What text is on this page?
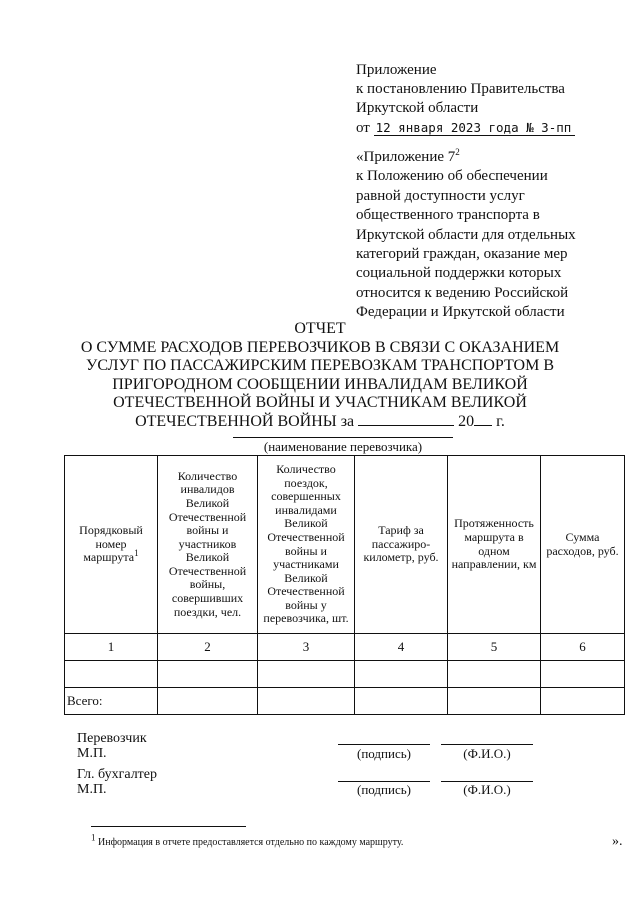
Приложение
к постановлению Правительства
Иркутской области
от 12 января 2023 года № 3-пп
«Приложение $7^2$
к Положению об обеспечении
равной доступности услуг
общественного транспорта в
Иркутской области для отдельных
категорий граждан, оказание мер
социальной поддержки которых
относится к ведению Российской
Федерации и Иркутской области
ОТЧЕТ
О СУММЕ РАСХОДОВ ПЕРЕВОЗЧИКОВ В СВЯЗИ С ОКАЗАНИЕМ
УСЛУГ ПО ПАССАЖИРСКИМ ПЕРЕВОЗКАМ ТРАНСПОРТОМ В
ПРИГОРОДНОМ СООБЩЕНИИ ИНВАЛИДАМ ВЕЛИКОЙ
ОТЕЧЕСТВЕННОЙ ВОЙНЫ И УЧАСТНИКАМ ВЕЛИКОЙ
ОТЕЧЕСТВЕННОЙ ВОЙНЫ за	20 г.
(наименование перевозчика)
Порядковый номер маршрута$^1$	Количество инвалидов Великой Отечественной войны и участников Великой Отечественной войны, совершивших поездки, чел.	Количество поездок, совершенных инвалидами Великой Отечественной войны и участниками Великой Отечественной войны у перевозчика, шт.	Тариф за пассажиро-километр, руб.	Протяженность маршрута в одном направлении, км	Сумма расходов, руб.
1	2	3	4	5	6

Всего:					
Перевозчик
М.П.	(подпись)	(Ф.И.О.)
Гл. бухгалтер
М.П.	(подпись)	(Ф.И.О.)
$^1$ Информация в отчете предоставляется отдельно по каждому маршруту.	».
